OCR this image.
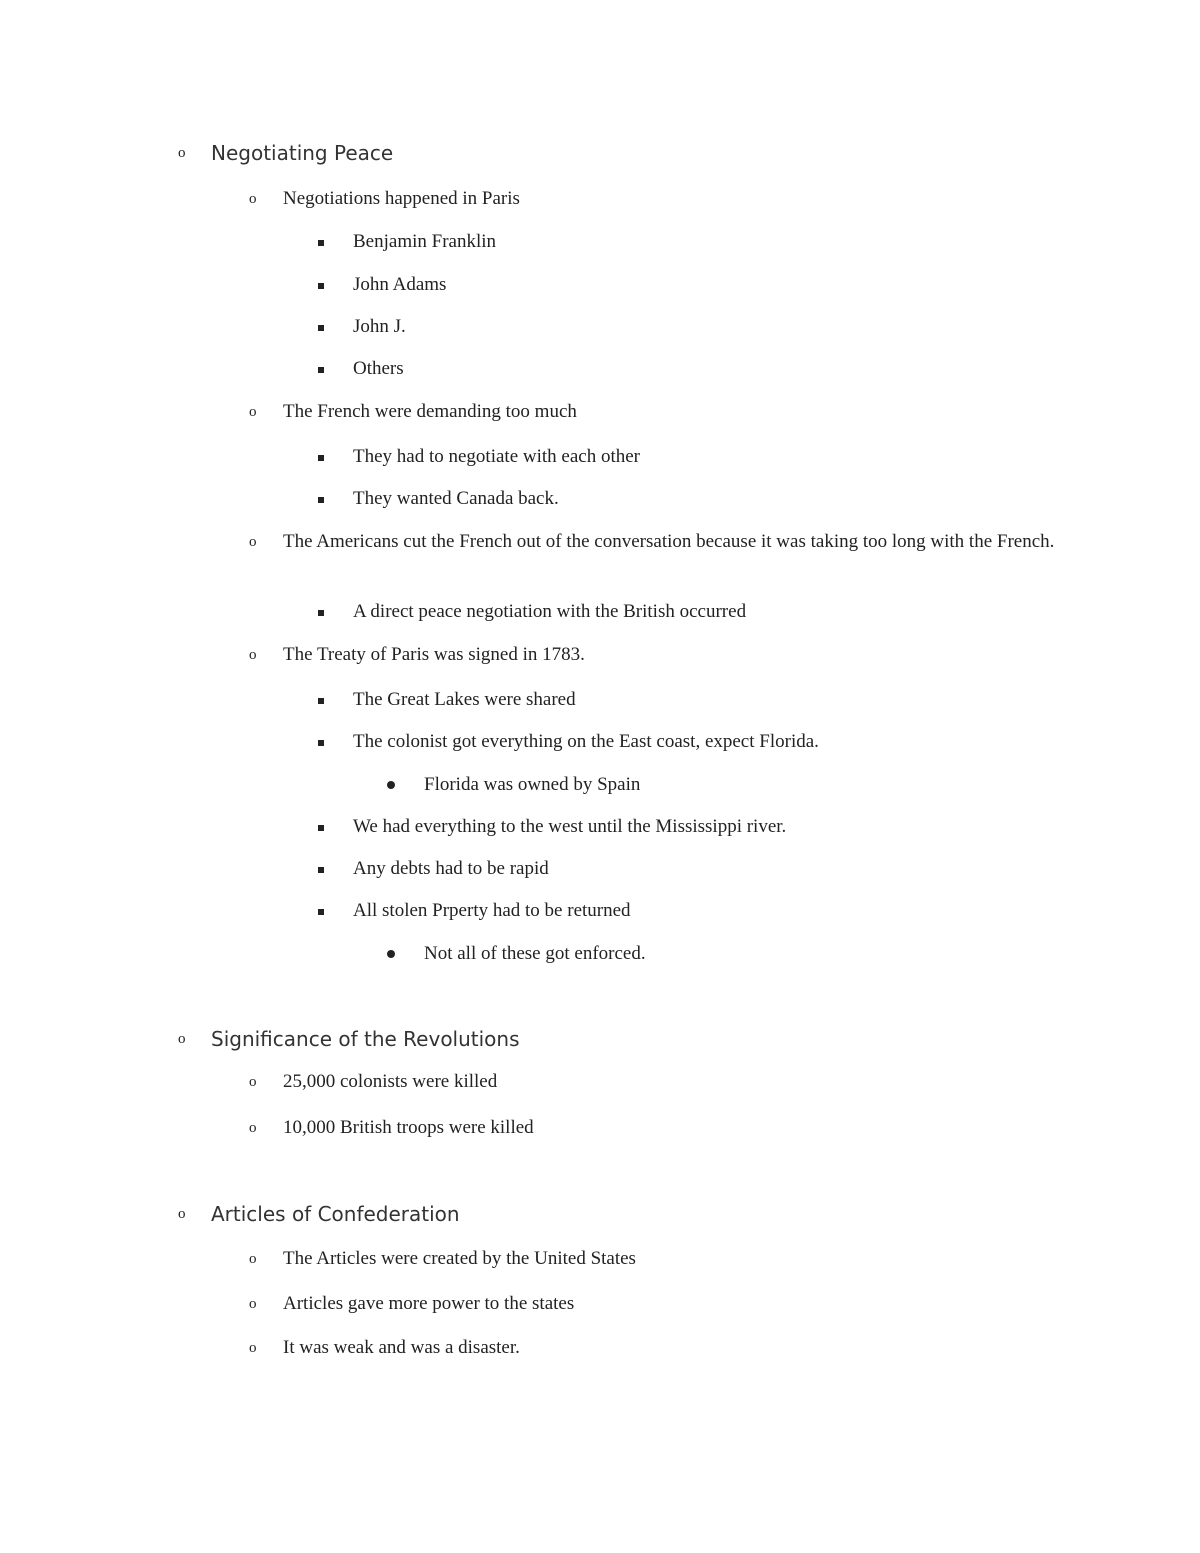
o Negotiating Peace
o Negotiations happened in Paris
Benjamin Franklin
John Adams
John J.
Others
o The French were demanding too much
They had to negotiate with each other
They wanted Canada back.
o The Americans cut the French out of the conversation because it was taking too long with the French.
A direct peace negotiation with the British occurred
o The Treaty of Paris was signed in 1783.
The Great Lakes were shared
The colonist got everything on the East coast, expect Florida.
Florida was owned by Spain
We had everything to the west until the Mississippi river.
Any debts had to be rapid
All stolen Prperty had to be returned
Not all of these got enforced.
o Significance of the Revolutions
o 25,000 colonists were killed
o 10,000 British troops were killed
o Articles of Confederation
o The Articles were created by the United States
o Articles gave more power to the states
o It was weak and was a disaster.
